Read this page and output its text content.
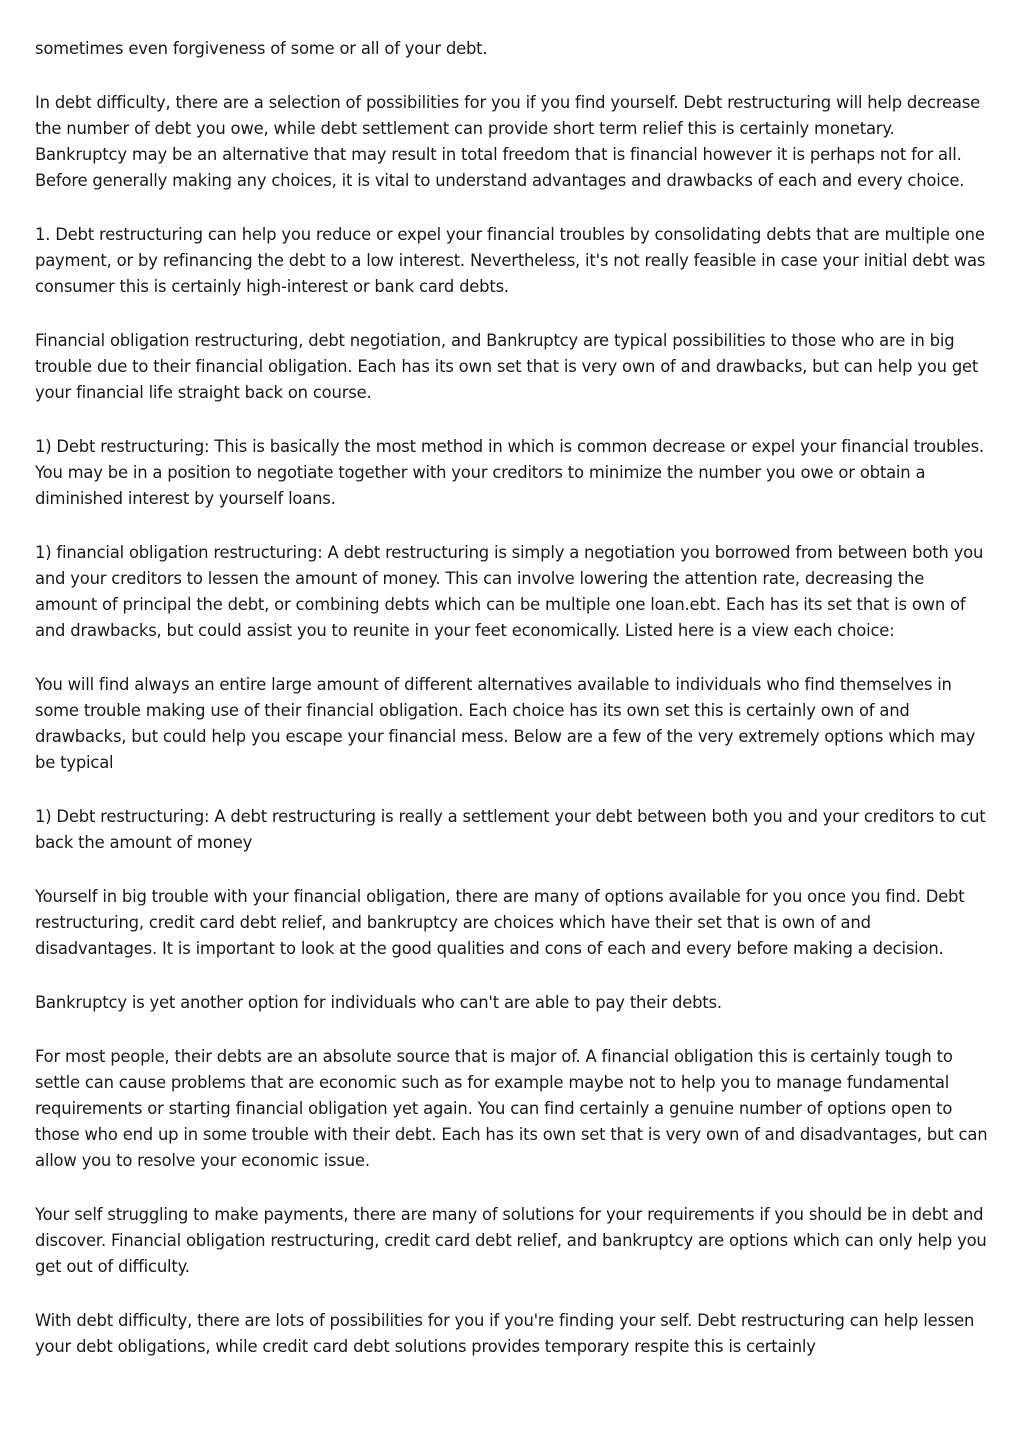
sometimes even forgiveness of some or all of your debt.

In debt difficulty, there are a selection of possibilities for you if you find yourself. Debt restructuring will help decrease the number of debt you owe, while debt settlement can provide short term relief this is certainly monetary. Bankruptcy may be an alternative that may result in total freedom that is financial however it is perhaps not for all. Before generally making any choices, it is vital to understand advantages and drawbacks of each and every choice.

1. Debt restructuring can help you reduce or expel your financial troubles by consolidating debts that are multiple one payment, or by refinancing the debt to a low interest. Nevertheless, it's not really feasible in case your initial debt was consumer this is certainly high-interest or bank card debts.

Financial obligation restructuring, debt negotiation, and Bankruptcy are typical possibilities to those who are in big trouble due to their financial obligation. Each has its own set that is very own of and drawbacks, but can help you get your financial life straight back on course.

1) Debt restructuring: This is basically the most method in which is common decrease or expel your financial troubles. You may be in a position to negotiate together with your creditors to minimize the number you owe or obtain a diminished interest by yourself loans.

1) financial obligation restructuring: A debt restructuring is simply a negotiation you borrowed from between both you and your creditors to lessen the amount of money. This can involve lowering the attention rate, decreasing the amount of principal the debt, or combining debts which can be multiple one loan.ebt. Each has its set that is own of and drawbacks, but could assist you to reunite in your feet economically. Listed here is a view each choice:

You will find always an entire large amount of different alternatives available to individuals who find themselves in some trouble making use of their financial obligation. Each choice has its own set this is certainly own of and drawbacks, but could help you escape your financial mess. Below are a few of the very extremely options which may be typical

1) Debt restructuring: A debt restructuring is really a settlement your debt between both you and your creditors to cut back the amount of money

Yourself in big trouble with your financial obligation, there are many of options available for you once you find. Debt restructuring, credit card debt relief, and bankruptcy are choices which have their set that is own of and disadvantages. It is important to look at the good qualities and cons of each and every before making a decision.

Bankruptcy is yet another option for individuals who can't are able to pay their debts.

For most people, their debts are an absolute source that is major of. A financial obligation this is certainly tough to settle can cause problems that are economic such as for example maybe not to help you to manage fundamental requirements or starting financial obligation yet again. You can find certainly a genuine number of options open to those who end up in some trouble with their debt. Each has its own set that is very own of and disadvantages, but can allow you to resolve your economic issue.

Your self struggling to make payments, there are many of solutions for your requirements if you should be in debt and discover. Financial obligation restructuring, credit card debt relief, and bankruptcy are options which can only help you get out of difficulty.

With debt difficulty, there are lots of possibilities for you if you're finding your self. Debt restructuring can help lessen your debt obligations, while credit card debt solutions provides temporary respite this is certainly
